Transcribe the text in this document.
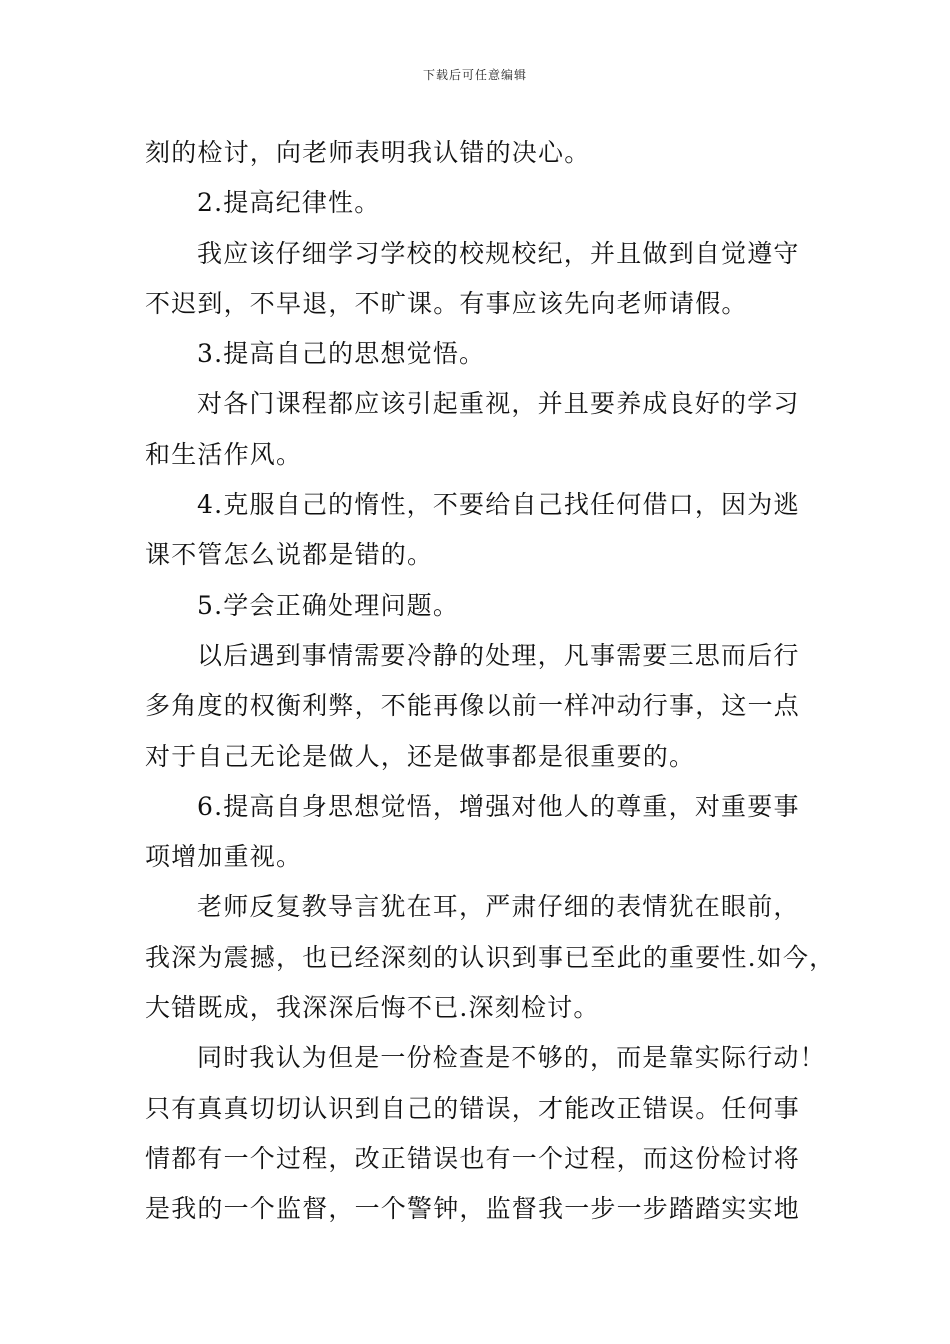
下载后可任意编辑
刻的检讨，向老师表明我认错的决心。
2.提高纪律性。
我应该仔细学习学校的校规校纪，并且做到自觉遵守
不迟到，不早退，不旷课。有事应该先向老师请假。
3.提高自己的思想觉悟。
对各门课程都应该引起重视，并且要养成良好的学习
和生活作风。
4.克服自己的惰性，不要给自己找任何借口，因为逃
课不管怎么说都是错的。
5.学会正确处理问题。
以后遇到事情需要冷静的处理，凡事需要三思而后行
多角度的权衡利弊，不能再像以前一样冲动行事，这一点
对于自己无论是做人，还是做事都是很重要的。
6.提高自身思想觉悟，增强对他人的尊重，对重要事
项增加重视。
老师反复教导言犹在耳，严肃仔细的表情犹在眼前，
我深为震撼，也已经深刻的认识到事已至此的重要性.如今，
大错既成，我深深后悔不已.深刻检讨。
同时我认为但是一份检查是不够的，而是靠实际行动！
只有真真切切认识到自己的错误，才能改正错误。任何事
情都有一个过程，改正错误也有一个过程，而这份检讨将
是我的一个监督，一个警钟，监督我一步一步踏踏实实地
